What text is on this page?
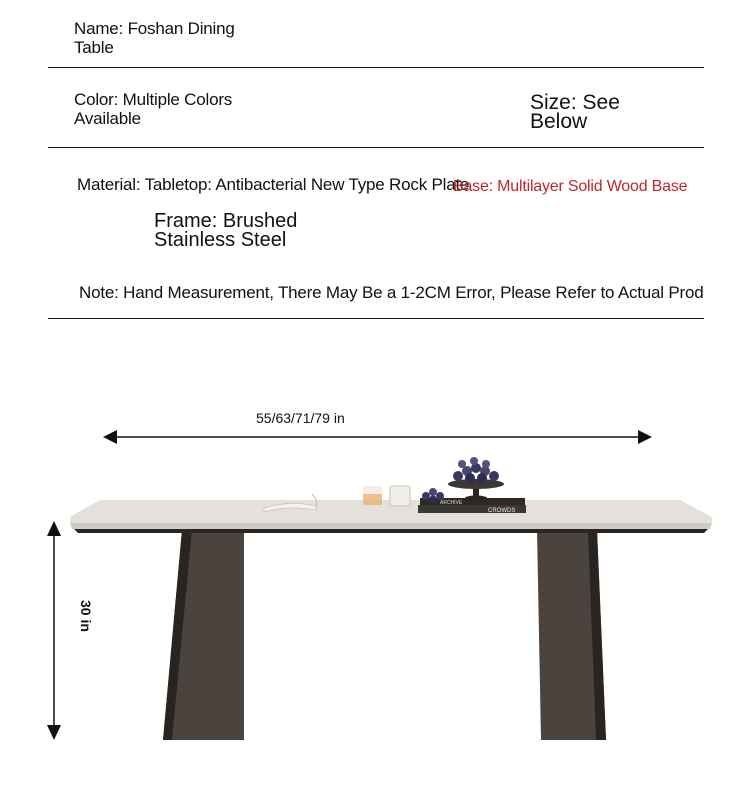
Name: Foshan Dining
Table
Color: Multiple Colors
Available
Size: See
Below
Material: Tabletop: Antibacterial New Type Rock Plate
Base: Multilayer Solid Wood Base
Frame: Brushed
Stainless Steel
Note: Hand Measurement, There May Be a 1-2CM Error, Please Refer to Actual Prod
55/63/71/79 in
30 in
ARCHIVE
CROWDS
